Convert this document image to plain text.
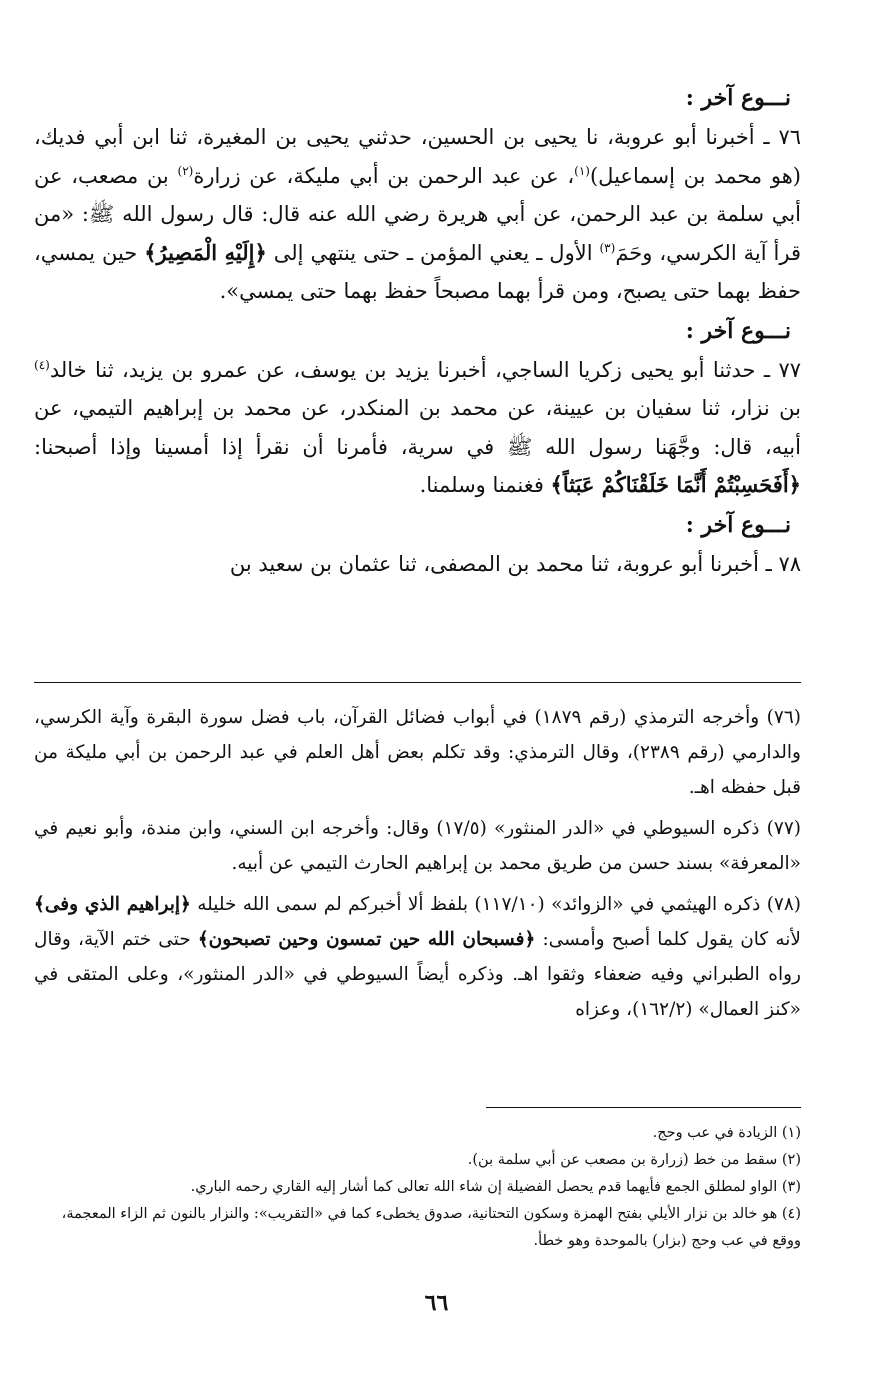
نـــوع آخر :

٧٦ ـ أخبرنا أبو عروبة، نا يحيى بن الحسين، حدثني يحيى بن المغيرة، ثنا ابن أبي فديك، (هو محمد بن إسماعيل)$^{(١)}$، عن عبد الرحمن بن أبي مليكة، عن زرارة$^{(٢)}$ بن مصعب، عن أبي سلمة بن عبد الرحمن، عن أبي هريرة رضي الله عنه قال: قال رسول الله ﷺ: «من قرأ آية الكرسي، وحَمَ$^{(٣)}$ الأول ـ يعني المؤمن ـ حتى ينتهي إلى ﴿إِلَيْهِ الْمَصِيرُ﴾ حين يمسي، حفظ بهما حتى يصبح، ومن قرأ بهما مصبحاً حفظ بهما حتى يمسي».

نـــوع آخر :

٧٧ ـ حدثنا أبو يحيى زكريا الساجي، أخبرنا يزيد بن يوسف، عن عمرو بن يزيد، ثنا خالد$^{(٤)}$ بن نزار، ثنا سفيان بن عيينة، عن محمد بن المنكدر، عن محمد بن إبراهيم التيمي، عن أبيه، قال: وجَّهَنا رسول الله ﷺ في سرية، فأمرنا أن نقرأ إذا أمسينا وإذا أصبحنا: ﴿أَفَحَسِبْتُمْ أَنَّمَا خَلَقْنَاكُمْ عَبَثاً﴾ فغنمنا وسلمنا.

نـــوع آخر :

٧٨ ـ أخبرنا أبو عروبة، ثنا محمد بن المصفى، ثنا عثمان بن سعيد بن

(٧٦) وأخرجه الترمذي (رقم ١٨٧٩) في أبواب فضائل القرآن، باب فضل سورة البقرة وآية الكرسي، والدارمي (رقم ٢٣٨٩)، وقال الترمذي: وقد تكلم بعض أهل العلم في عبد الرحمن بن أبي مليكة من قبل حفظه اهـ.

(٧٧) ذكره السيوطي في «الدر المنثور» (١٧/٥) وقال: وأخرجه ابن السني، وابن مندة، وأبو نعيم في «المعرفة» بسند حسن من طريق محمد بن إبراهيم الحارث التيمي عن أبيه.

(٧٨) ذكره الهيثمي في «الزوائد» (١١٧/١٠) بلفظ ألا أخبركم لم سمى الله خليله ﴿إبراهيم الذي وفى﴾ لأنه كان يقول كلما أصبح وأمسى: ﴿فسبحان الله حين تمسون وحين تصبحون﴾ حتى ختم الآية، وقال رواه الطبراني وفيه ضعفاء وثقوا اهـ. وذكره أيضاً السيوطي في «الدر المنثور»، وعلى المتقى في «كنز العمال» (١٦٢/٢)، وعزاه

(١) الزيادة في عب وحج.

(٢) سقط من خط (زرارة بن مصعب عن أبي سلمة بن).

(٣) الواو لمطلق الجمع فأيهما قدم يحصل الفضيلة إن شاء الله تعالى كما أشار إليه القاري رحمه الباري.

(٤) هو خالد بن نزار الأيلي بفتح الهمزة وسكون التحتانية، صدوق يخطىء كما في «التقريب»: والنزار بالنون ثم الزاء المعجمة، ووقع في عب وحج (بزار) بالموحدة وهو خطأ.

٦٦
